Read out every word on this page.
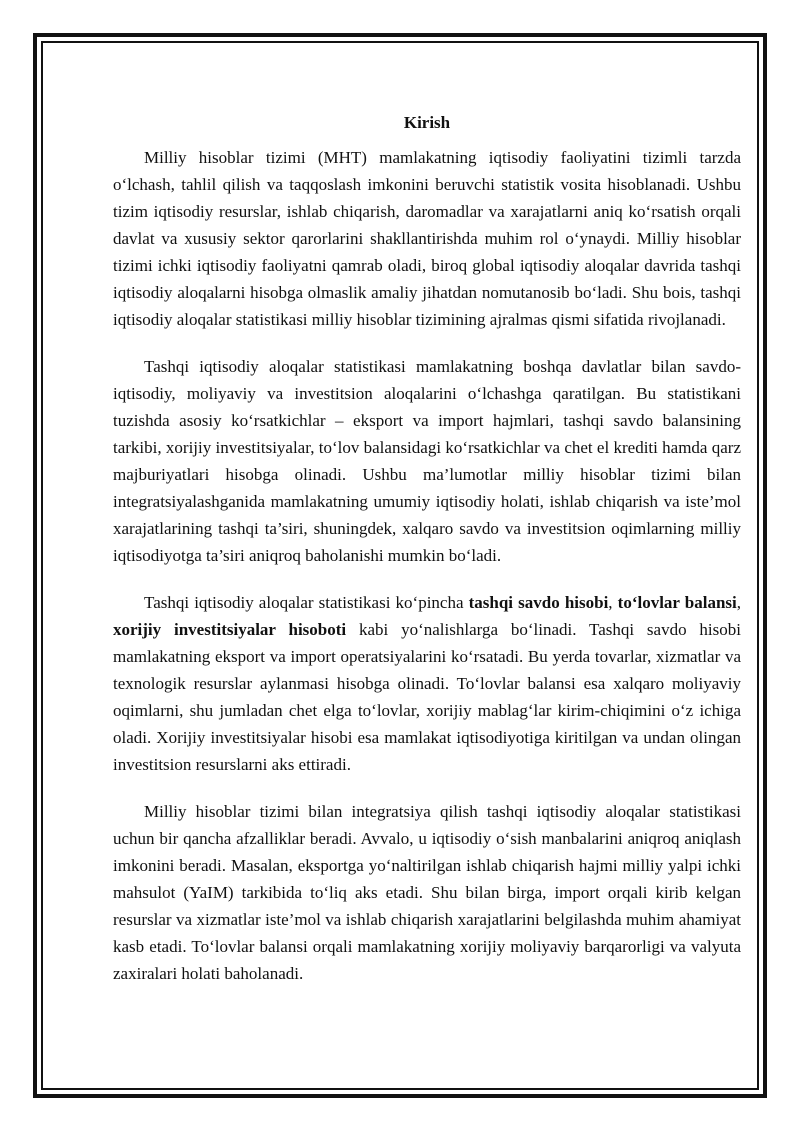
Kirish

Milliy hisoblar tizimi (MHT) mamlakatning iqtisodiy faoliyatini tizimli tarzda o‘lchash, tahlil qilish va taqqoslash imkonini beruvchi statistik vosita hisoblanadi. Ushbu tizim iqtisodiy resurslar, ishlab chiqarish, daromadlar va xarajatlarni aniq ko‘rsatish orqali davlat va xususiy sektor qarorlarini shakllantirishda muhim rol o‘ynaydi. Milliy hisoblar tizimi ichki iqtisodiy faoliyatni qamrab oladi, biroq global iqtisodiy aloqalar davrida tashqi iqtisodiy aloqalarni hisobga olmaslik amaliy jihatdan nomutanosib bo‘ladi. Shu bois, tashqi iqtisodiy aloqalar statistikasi milliy hisoblar tizimining ajralmas qismi sifatida rivojlanadi.

Tashqi iqtisodiy aloqalar statistikasi mamlakatning boshqa davlatlar bilan savdo-iqtisodiy, moliyaviy va investitsion aloqalarini o‘lchashga qaratilgan. Bu statistikani tuzishda asosiy ko‘rsatkichlar – eksport va import hajmlari, tashqi savdo balansining tarkibi, xorijiy investitsiyalar, to‘lov balansidagi ko‘rsatkichlar va chet el krediti hamda qarz majburiyatlari hisobga olinadi. Ushbu ma’lumotlar milliy hisoblar tizimi bilan integratsiyalashganida mamlakatning umumiy iqtisodiy holati, ishlab chiqarish va iste’mol xarajatlarining tashqi ta’siri, shuningdek, xalqaro savdo va investitsion oqimlarning milliy iqtisodiyotga ta’siri aniqroq baholanishi mumkin bo‘ladi.

Tashqi iqtisodiy aloqalar statistikasi ko‘pincha tashqi savdo hisobi, to‘lovlar balansi, xorijiy investitsiyalar hisoboti kabi yo‘nalishlarga bo‘linadi. Tashqi savdo hisobi mamlakatning eksport va import operatsiyalarini ko‘rsatadi. Bu yerda tovarlar, xizmatlar va texnologik resurslar aylanmasi hisobga olinadi. To‘lovlar balansi esa xalqaro moliyaviy oqimlarni, shu jumladan chet elga to‘lovlar, xorijiy mablag‘lar kirim-chiqimini o‘z ichiga oladi. Xorijiy investitsiyalar hisobi esa mamlakat iqtisodiyotiga kiritilgan va undan olingan investitsion resurslarni aks ettiradi.

Milliy hisoblar tizimi bilan integratsiya qilish tashqi iqtisodiy aloqalar statistikasi uchun bir qancha afzalliklar beradi. Avvalo, u iqtisodiy o‘sish manbalarini aniqroq aniqlash imkonini beradi. Masalan, eksportga yo‘naltirilgan ishlab chiqarish hajmi milliy yalpi ichki mahsulot (YaIM) tarkibida to‘liq aks etadi. Shu bilan birga, import orqali kirib kelgan resurslar va xizmatlar iste’mol va ishlab chiqarish xarajatlarini belgilashda muhim ahamiyat kasb etadi. To‘lovlar balansi orqali mamlakatning xorijiy moliyaviy barqarorligi va valyuta zaxiralari holati baholanadi.
